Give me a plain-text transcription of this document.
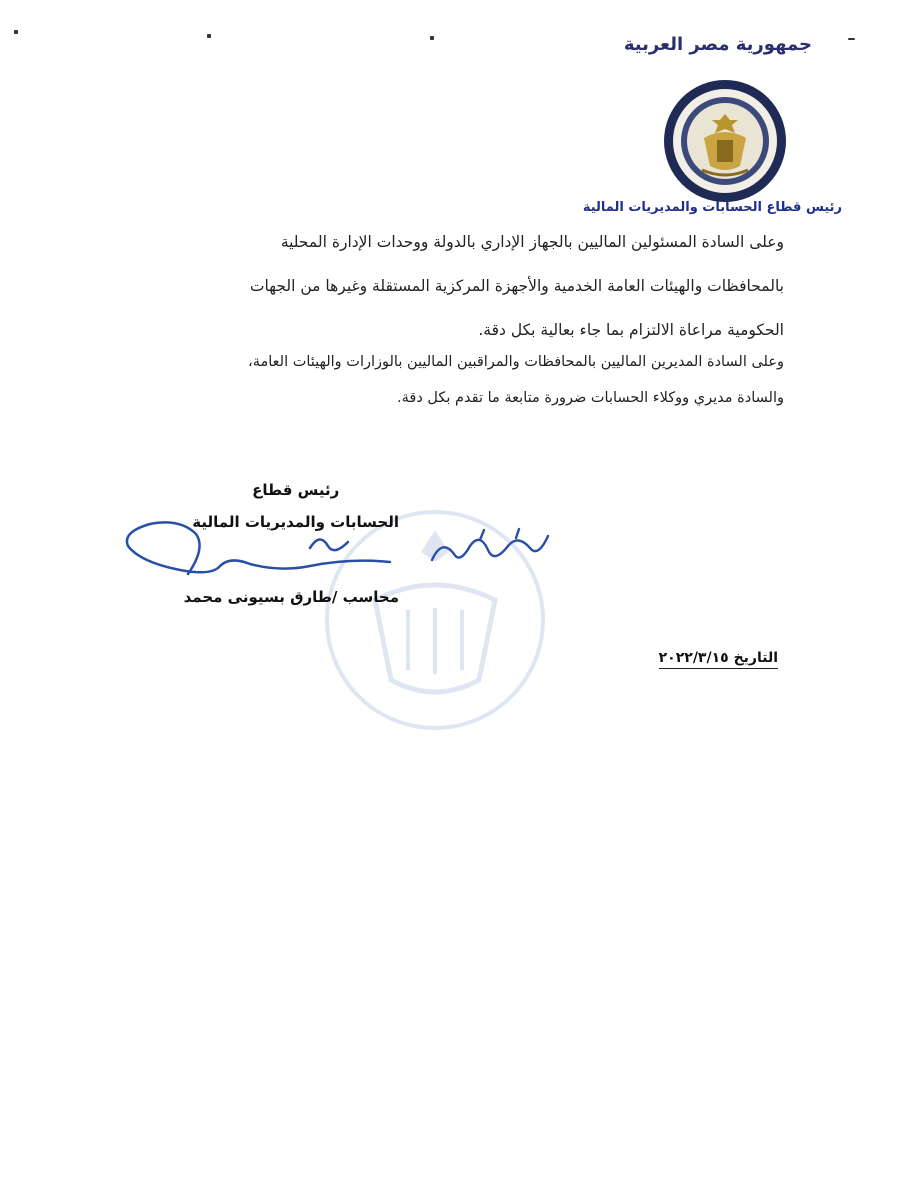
جمهورية مصر العربية
رئيس قطاع الحسابات والمديريات المالية
وعلى السادة المسئولين الماليين بالجهاز الإداري بالدولة ووحدات الإدارة المحلية
بالمحافظات والهيئات العامة الخدمية والأجهزة المركزية المستقلة وغيرها من الجهات
الحكومية مراعاة الالتزام بما جاء بعالية بكل دقة.
وعلى السادة المديرين الماليين بالمحافظات والمراقبين الماليين بالوزارات والهيئات العامة،
والسادة مديري ووكلاء الحسابات ضرورة متابعة ما تقدم بكل دقة.
رئيس قطاع
الحسابات والمديريات المالية
محاسب /طارق بسيونى محمد
التاريخ ٢٠٢٢/٣/١٥
